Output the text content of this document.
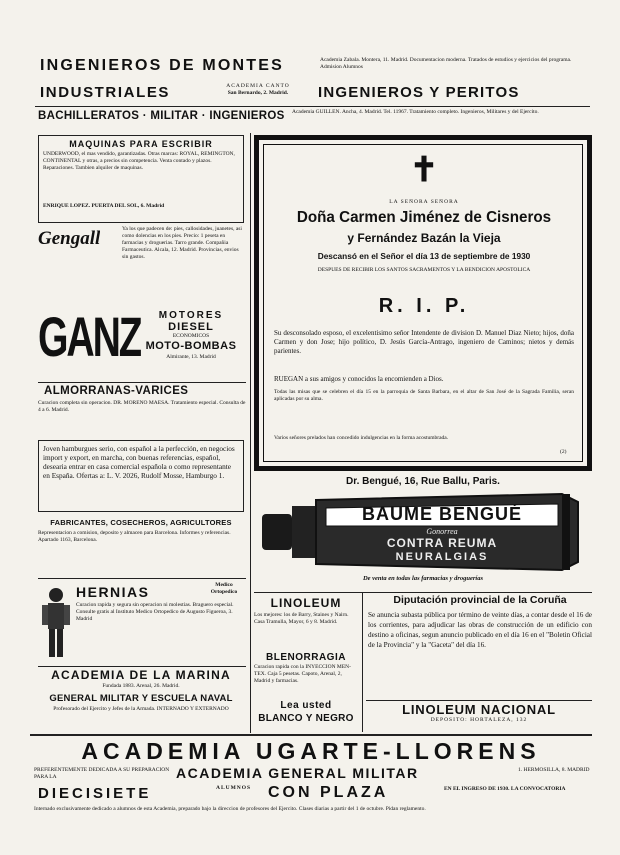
INGENIEROS DE MONTES	Academia Zabala. Montera, 11. Madrid. Documentacion moderna. Tratados de estudios y ejercicios del programa. Admision Alumnos
INDUSTRIALES	ACADEMIA CANTO
San Bernardo, 2. Madrid.	INGENIEROS Y PERITOS
BACHILLERATOS · MILITAR · INGENIEROS Academia GUILLEN. Ancha, 4. Madrid. Tel. 11967. Tratamiento completo. Ingenieros, Militares y del Ejercito.
MAQUINAS PARA ESCRIBIR
UNDERWOOD, el mas vendido, garantizadas. Otras marcas: ROYAL, REMINGTON, CONTINENTAL y otras, a precios sin competencia. Venta contado y plazos. Reparaciones. Tambien alquiler de maquinas.
ENRIQUE LOPEZ. PUERTA DEL SOL, 6. Madrid
Gengall	Ya los que padecen de: pies, callosidades, juanetes, asi como dolencias en los pies. Precio: 1 peseta en farmacias y droguerias. Tarro grande. Compañia Farmaceutica. Alcala, 12. Madrid. Provincias, envios sin gastos.
GANZ	MOTORES
DIESEL
ECONOMICOS
MOTO-BOMBAS
Almirante, 13. Madrid
ALMORRANAS-VARICES
Curacion completa sin operacion. DR. MORENO MAESA. Tratamiento especial. Consulta de 4 a 6. Madrid.
Joven hamburgues serio, con español a la perfección, en negocios import y export, en marcha, con buenas referencias, español, desearia entrar en casa comercial española o como representante en España. Ofertas a: L. V. 2026, Rudolf Mosse, Hamburgo 1.
FABRICANTES, COSECHEROS, AGRICULTORES
Representacion a comision, deposito y almacen para Barcelona. Informes y referencias. Apartado 1163, Barcelona.
HERNIAS	Medico Ortopedico
Curacion rapida y segura sin operacion ni molestias. Braguero especial. Consulte gratis al Instituto Medico Ortopedico de Augusto Figueroa, 3. Madrid
ACADEMIA DE LA MARINA
Fundada 1883. Arenal, 26. Madrid.
GENERAL MILITAR Y ESCUELA NAVAL
Profesorado del Ejercito y Jefes de la Armada. INTERNADO Y EXTERNADO
✝
LA SEÑORA SEÑORA
Doña Carmen Jiménez de Cisneros
y Fernández Bazán la Vieja
Descansó en el Señor el día 13 de septiembre de 1930
DESPUES DE RECIBIR LOS SANTOS SACRAMENTOS Y LA BENDICION APOSTOLICA
R. I. P.
Su desconsolado esposo, el excelentisimo señor Intendente de division D. Manuel Diaz Nieto; hijos, doña Carmen y don Jose; hijo político, D. Jesús García-Antrago, ingeniero de Caminos; nietos y demás parientes.
RUEGAN a sus amigos y conocidos la encomienden a Dios.
Todas las misas que se celebren el día 15 en la parroquia de Santa Barbara, en el altar de San José de la Sagrada Familia, seran aplicadas por su alma.
Varios señores prelados han concedido indulgencias en la forma acostumbrada.
(2)
Dr. Bengué, 16, Rue Ballu, Paris.
BAUME BENGUÉ
Gonorrea
CONTRA REUMA
NEURALGIAS
De venta en todas las farmacias y droguerías
LINOLEUM
Los mejores: los de Barry, Staines y Nairn. Casa Tramulla, Mayor, 6 y 8. Madrid.
BLENORRAGIA
Curacion rapida con la INYECCION MEN-TEX. Caja 5 pesetas. Capoto, Arenal, 2, Madrid y farmacias.
Lea usted
BLANCO Y NEGRO
Diputación provincial de la Coruña
Se anuncia subasta pública por término de veinte días, a contar desde el 16 de los corrientes, para adjudicar las obras de construcción de un edificio con destino a oficinas, segun anuncio publicado en el día 16 en el "Boletin Oficial de la Provincia" y la "Gaceta" del día 16.
LINOLEUM NACIONAL
DEPOSITO: HORTALEZA, 132
ACADEMIA UGARTE-LLORENS
PREFERENTEMENTE DEDICADA A SU PREPARACION PARA LA	ACADEMIA GENERAL MILITAR	1. HERMOSILLA, 8. MADRID
DIECISIETE	ALUMNOS CON PLAZA	EN EL INGRESO DE 1930. LA CONVOCATORIA
Internado exclusivamente dedicado a alumnos de esta Academia, preparado bajo la direccion de profesores del Ejercito. Clases diarias a partir del 1 de octubre. Pidan reglamento.
